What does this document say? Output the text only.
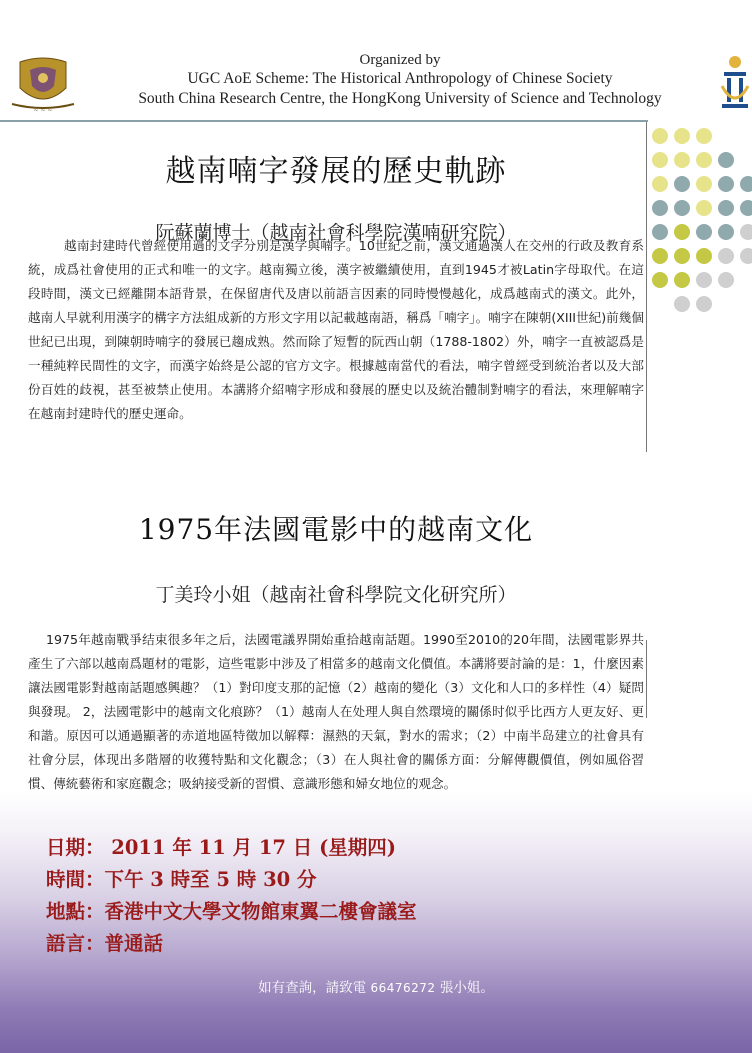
~ ~ ~
Organized by
UGC AoE Scheme: The Historical Anthropology of Chinese Society
South China Research Centre, the HongKong University of Science and Technology
越南喃字發展的歷史軌跡
阮蘇蘭博士（越南社會科學院漢喃研究院）
越南封建時代曾經使用過的文字分別是漢字與喃字。10世紀之前，漢文通過漢人在交州的行政及教育系統，成爲社會使用的正式和唯一的文字。越南獨立後，漢字被繼續使用，直到1945才被Latin字母取代。在這段時間，漢文已經離開本語背景，在保留唐代及唐以前語言因素的同時慢慢越化，成爲越南式的漢文。此外，越南人早就利用漢字的構字方法組成新的方形文字用以記載越南語，稱爲「喃字」。喃字在陳朝(XIII世紀)前幾個世紀已出現，到陳朝時喃字的發展已趨成熟。然而除了短暫的阮西山朝（1788-1802）外，喃字一直被認爲是一種純粹民間性的文字，而漢字始終是公認的官方文字。根據越南當代的看法，喃字曾經受到統治者以及大部份百姓的歧視，甚至被禁止使用。本講將介紹喃字形成和發展的歷史以及統治體制對喃字的看法，來理解喃字在越南封建時代的歷史運命。
1975年法國電影中的越南文化
丁美玲小姐（越南社會科學院文化研究所）
1975年越南戰爭结束很多年之后，法國電議界開始重拾越南話題。1990至2010的20年間，法國電影界共產生了六部以越南爲題材的電影，這些電影中涉及了相當多的越南文化價值。本講將要討論的是：1，什麼因素讓法國電影對越南話題感興趣？（1）對印度支那的記憶（2）越南的變化（3）文化和人口的多样性（4）疑問與發現。 2，法國電影中的越南文化痕跡？（1）越南人在处理人與自然環境的關係时似乎比西方人更友好、更和諧。原因可以通過顯著的赤道地區特徵加以解釋：濕熱的天氣，對水的需求；（2）中南半岛建立的社會具有社會分层，体现出多階層的收獲特點和文化觀念；（3）在人與社會的關係方面：分解傳觀價值，例如風俗習慣、傳統藝術和家庭觀念；吸納接受新的習慣、意識形態和婦女地位的观念。
日期： 2011 年 11 月 17 日 (星期四)
時間：下午 3 時至 5 時 30 分
地點：香港中文大學文物館東翼二樓會議室
語言：普通話
如有查詢，請致電 66476272 張小姐。
